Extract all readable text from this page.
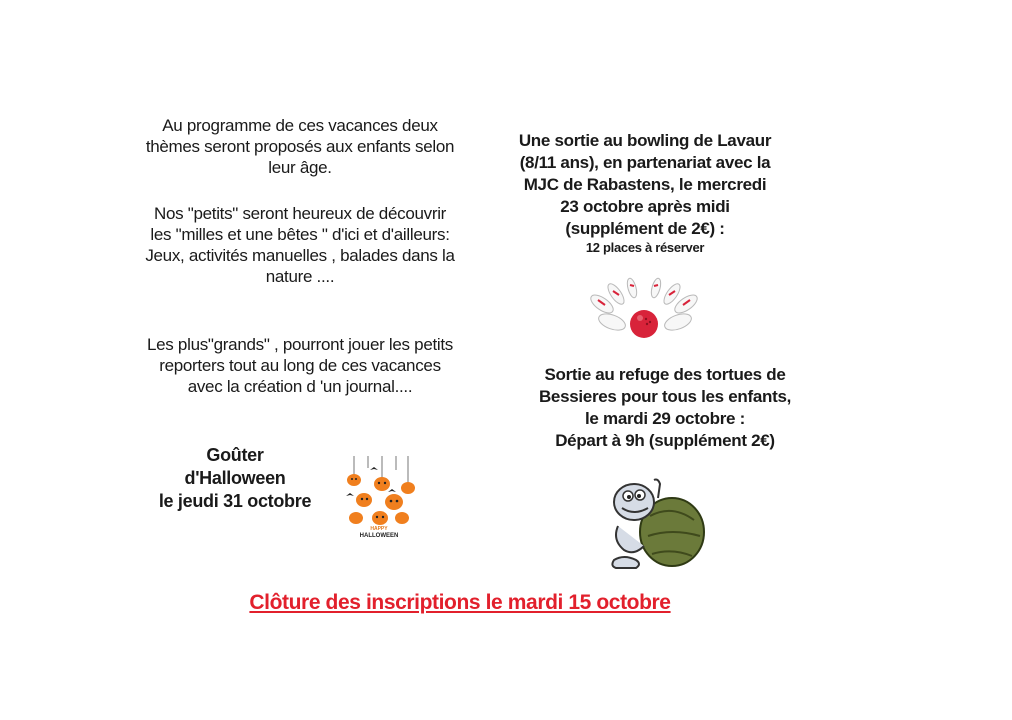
Au programme de ces vacances deux
thèmes seront proposés aux enfants selon
leur âge.
Nos "petits" seront heureux de découvrir
les "milles et une bêtes " d'ici et d'ailleurs:
Jeux, activités manuelles , balades dans la
nature ....
Les plus"grands" , pourront jouer les petits
reporters tout au long de ces vacances
avec la création d 'un journal....
Goûter
d'Halloween
le jeudi 31 octobre
Une sortie au bowling de Lavaur
(8/11 ans), en partenariat avec la
MJC de Rabastens, le mercredi
23 octobre après midi
(supplément de 2€) :
12 places à réserver
Sortie au refuge des tortues de
Bessieres pour tous les enfants,
le mardi 29 octobre :
Départ à 9h (supplément 2€)
HAPPY
HALLOWEEN
Clôture des inscriptions le mardi 15 octobre
